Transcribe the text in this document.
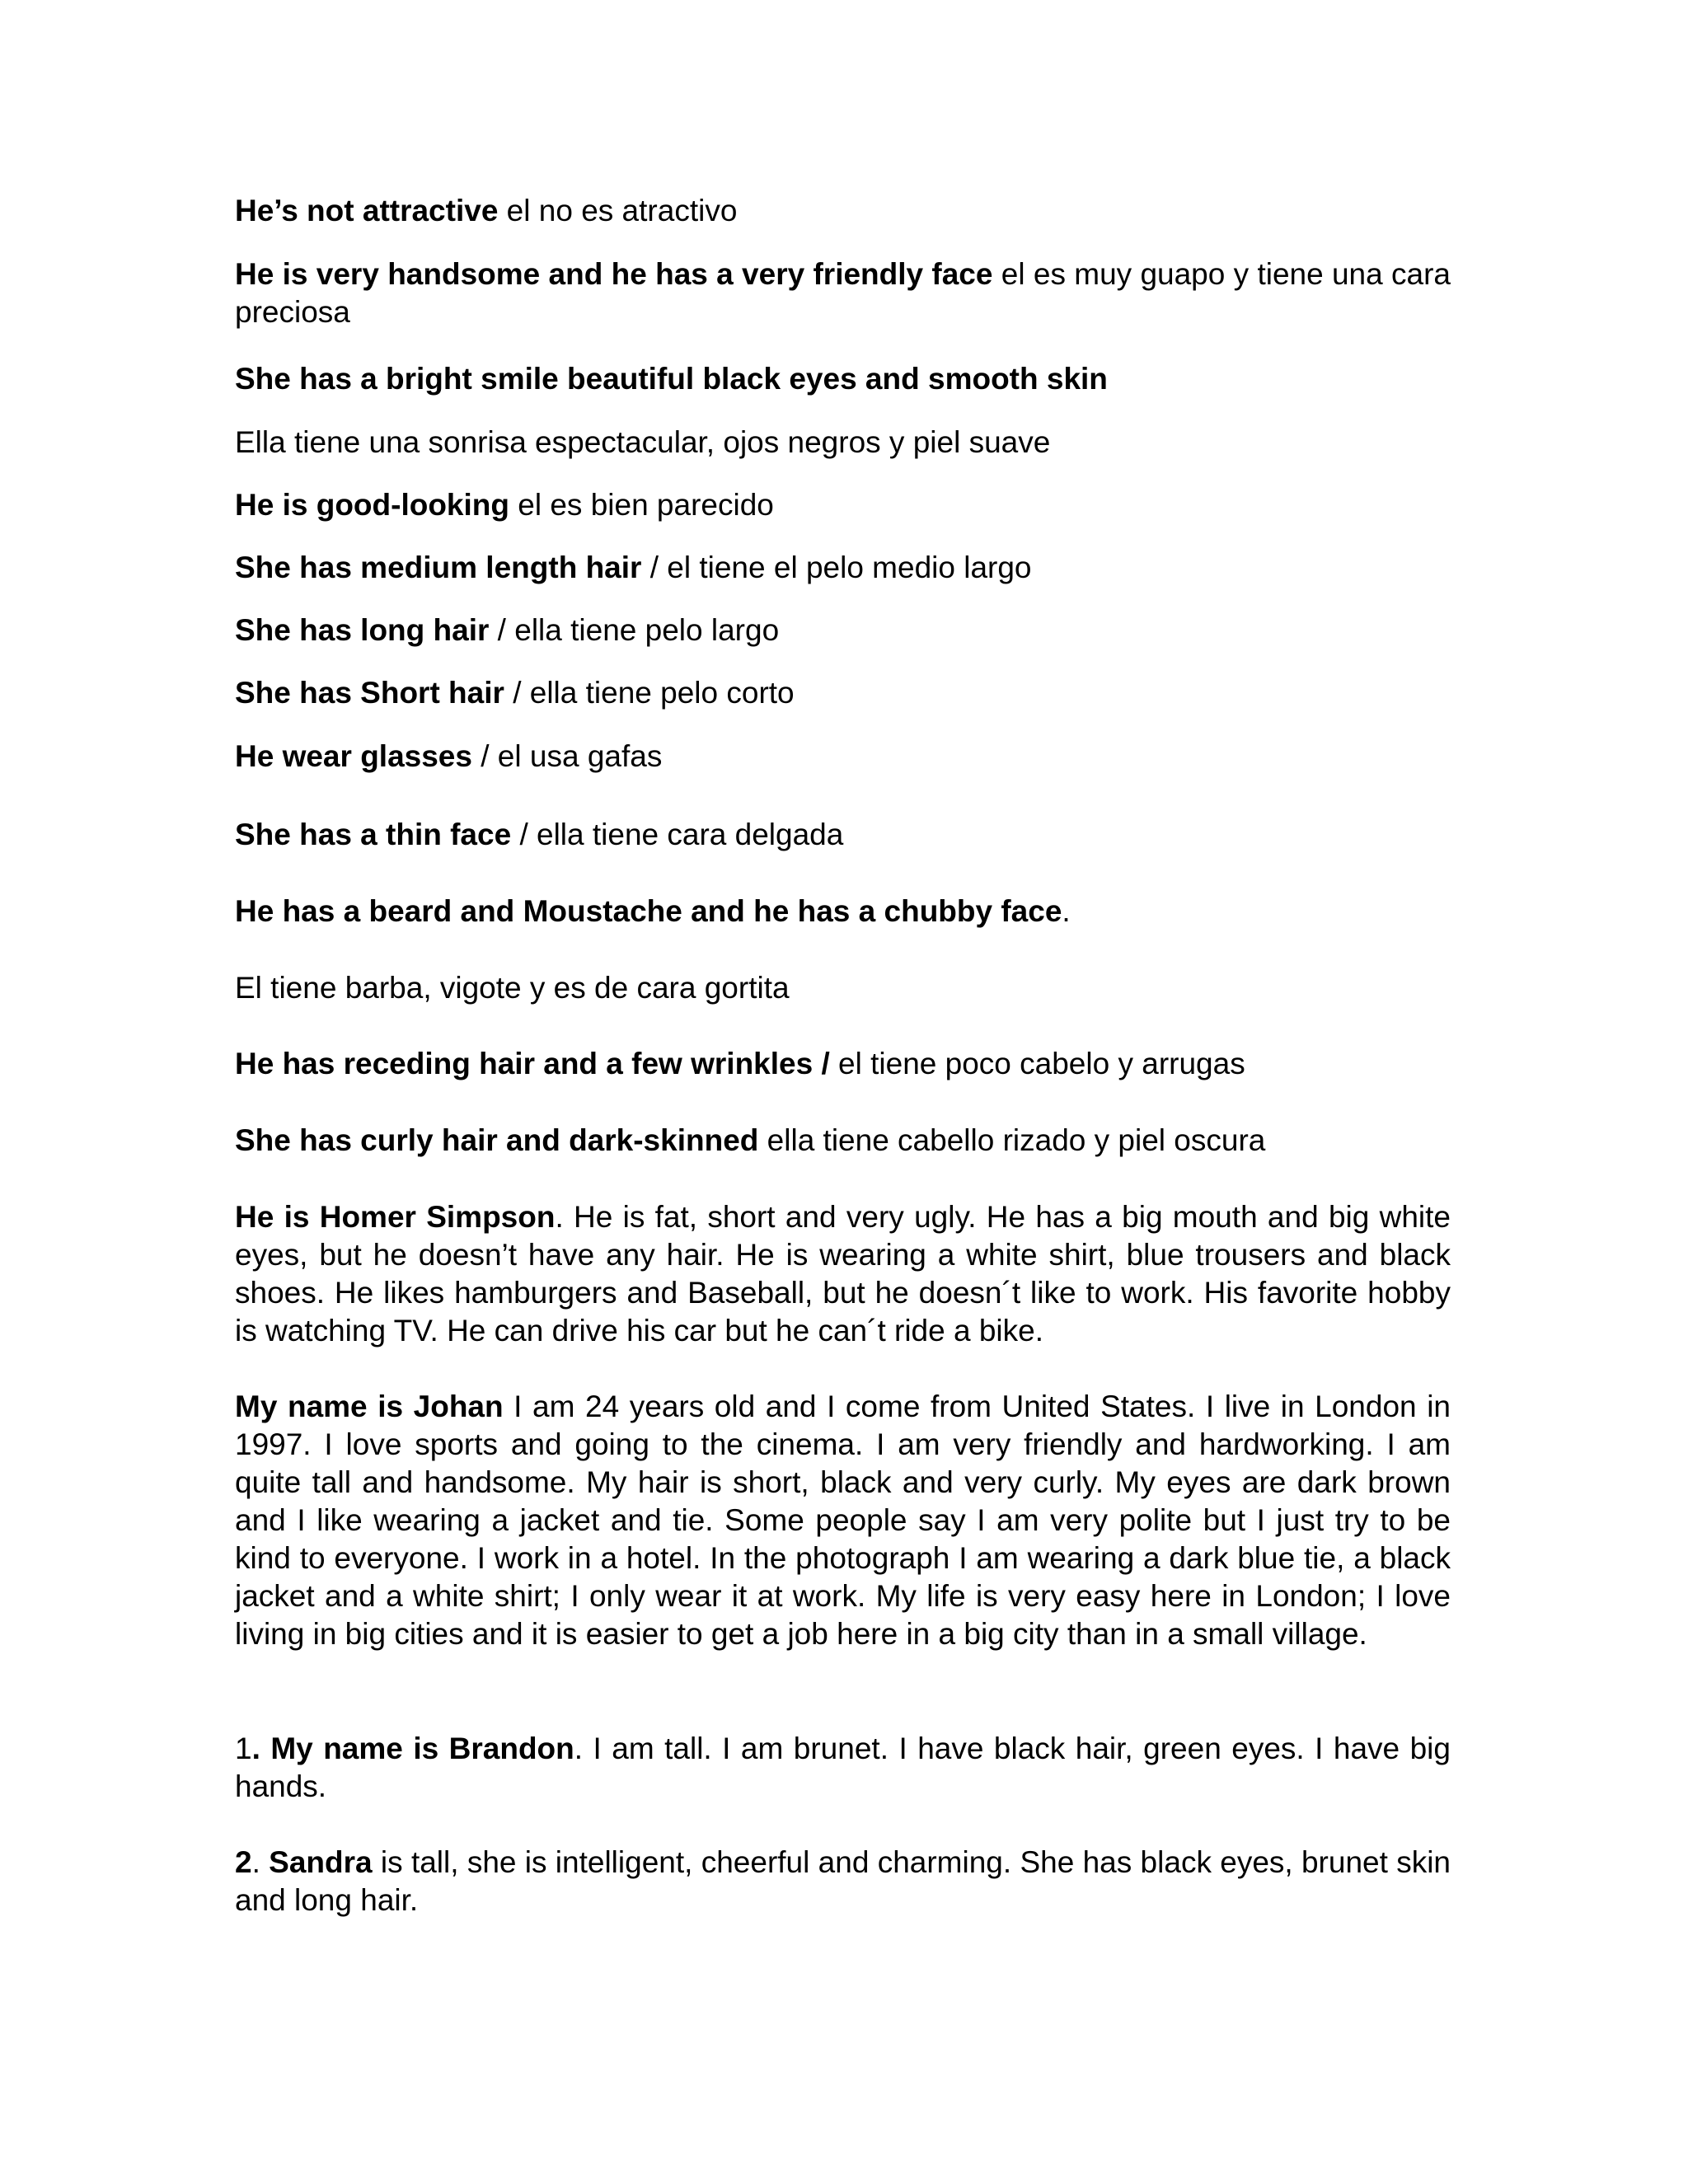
He’s not attractive el no es atractivo

He is very handsome and he has a very friendly face el es muy guapo y tiene una cara preciosa

She has a bright smile beautiful black eyes and smooth skin

Ella tiene una sonrisa espectacular, ojos negros y piel suave

He is good-looking el es bien parecido

She has medium length hair / el tiene el pelo medio largo

She has long hair / ella tiene pelo largo

She has Short hair / ella tiene pelo corto

He wear glasses / el usa gafas

She has a thin face / ella tiene cara delgada

He has a beard and Moustache and he has a chubby face.

El tiene barba, vigote y es de cara gortita

He has receding hair and a few wrinkles / el tiene poco cabelo y arrugas

She has curly hair and dark-skinned ella tiene cabello rizado y piel oscura

He is Homer Simpson. He is fat, short and very ugly. He has a big mouth and big white eyes, but he doesn’t have any hair. He is wearing a white shirt, blue trousers and black shoes. He likes hamburgers and Baseball, but he doesn´t like to work. His favorite hobby is watching TV. He can drive his car but he can´t ride a bike.

My name is Johan I am 24 years old and I come from United States. I live in London in 1997. I love sports and going to the cinema. I am very friendly and hardworking. I am quite tall and handsome. My hair is short, black and very curly. My eyes are dark brown and I like wearing a jacket and tie. Some people say I am very polite but I just try to be kind to everyone. I work in a hotel. In the photograph I am wearing a dark blue tie, a black jacket and a white shirt; I only wear it at work. My life is very easy here in London; I love living in big cities and it is easier to get a job here in a big city than in a small village.

1. My name is Brandon. I am tall. I am brunet. I have black hair, green eyes. I have big hands.

2. Sandra is tall, she is intelligent, cheerful and charming. She has black eyes, brunet skin and long hair.
